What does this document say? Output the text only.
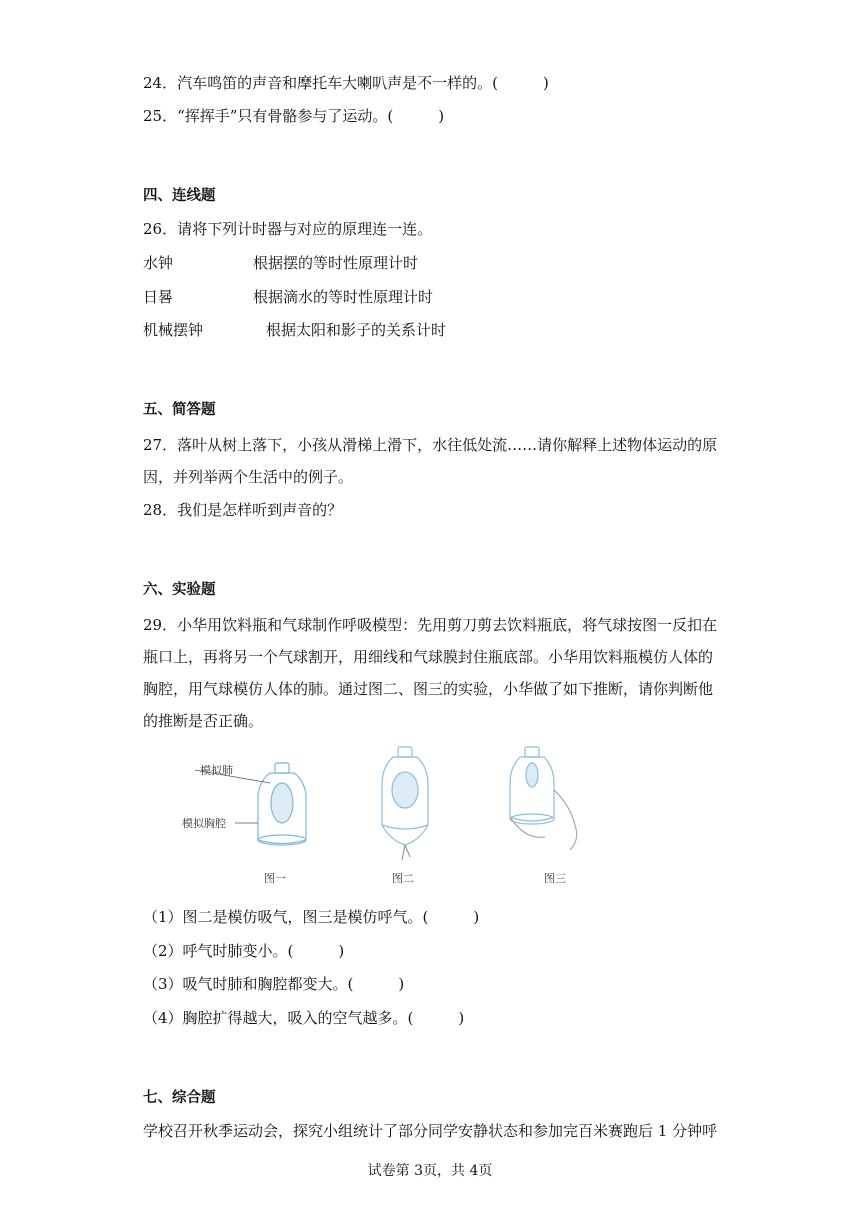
24．汽车鸣笛的声音和摩托车大喇叭声是不一样的。(　　　)
25．“挥挥手”只有骨骼参与了运动。(　　　)
四、连线题
26．请将下列计时器与对应的原理连一连。
水钟	根据摆的等时性原理计时
日晷	根据滴水的等时性原理计时
机械摆钟	根据太阳和影子的关系计时
五、简答题
27．落叶从树上落下，小孩从滑梯上滑下，水往低处流……请你解释上述物体运动的原因，并列举两个生活中的例子。
28．我们是怎样听到声音的？
六、实验题
29．小华用饮料瓶和气球制作呼吸模型：先用剪刀剪去饮料瓶底，将气球按图一反扣在瓶口上，再将另一个气球割开，用细线和气球膜封住瓶底部。小华用饮料瓶模仿人体的胸腔，用气球模仿人体的肺。通过图二、图三的实验，小华做了如下推断，请你判断他的推断是否正确。
模拟肺
模拟胸腔
图一	图二	图三
（1）图二是模仿吸气，图三是模仿呼气。(　　　)
（2）呼气时肺变小。(　　　)
（3）吸气时肺和胸腔都变大。(　　　)
（4）胸腔扩得越大，吸入的空气越多。(　　　)
七、综合题
学校召开秋季运动会，探究小组统计了部分同学安静状态和参加完百米赛跑后 1 分钟呼
试卷第 3页，共 4页
